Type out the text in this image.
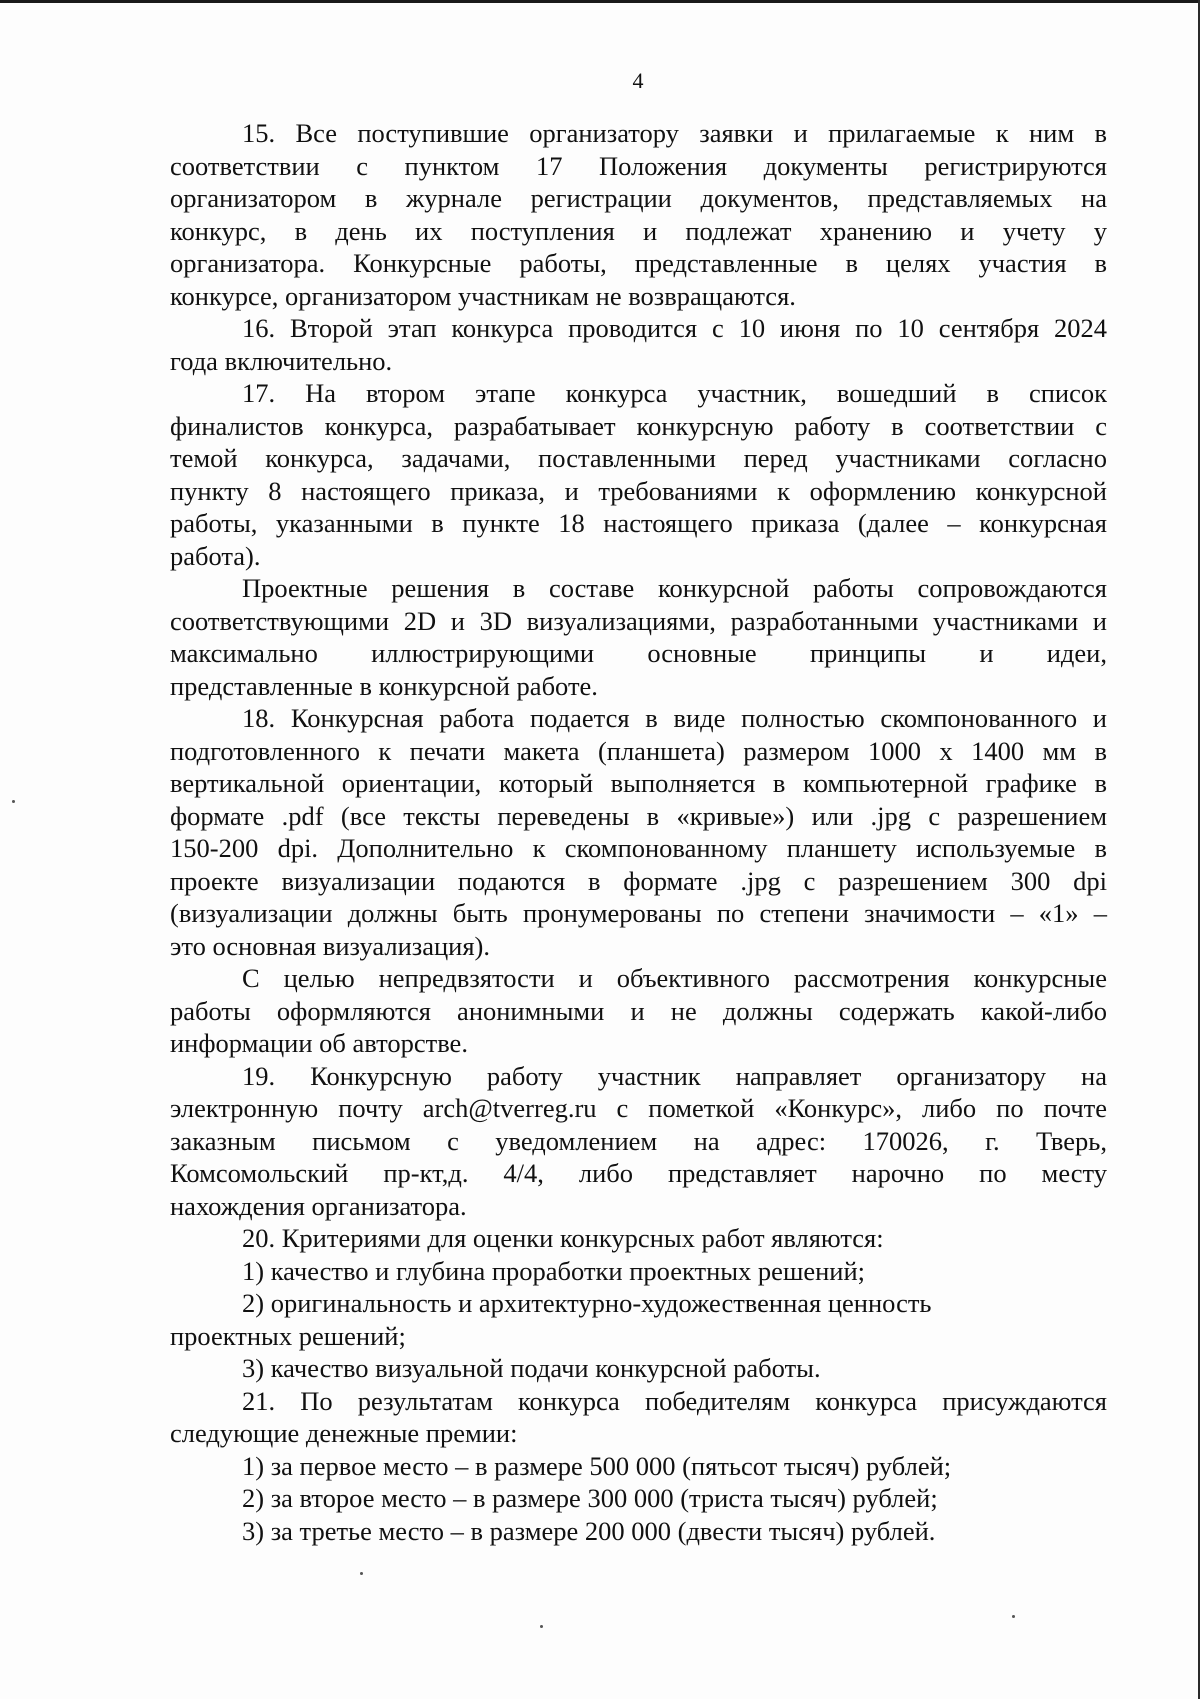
4
15. Все поступившие организатору заявки и прилагаемые к ним в
соответствии с пунктом 17 Положения документы регистрируются
организатором в журнале регистрации документов, представляемых на
конкурс, в день их поступления и подлежат хранению и учету у
организатора. Конкурсные работы, представленные в целях участия в
конкурсе, организатором участникам не возвращаются.
16. Второй этап конкурса проводится с 10 июня по 10 сентября 2024
года включительно.
17. На втором этапе конкурса участник, вошедший в список
финалистов конкурса, разрабатывает конкурсную работу в соответствии с
темой конкурса, задачами, поставленными перед участниками согласно
пункту 8 настоящего приказа, и требованиями к оформлению конкурсной
работы, указанными в пункте 18 настоящего приказа (далее – конкурсная
работа).
Проектные решения в составе конкурсной работы сопровождаются
соответствующими 2D и 3D визуализациями, разработанными участниками и
максимально иллюстрирующими основные принципы и идеи,
представленные в конкурсной работе.
18. Конкурсная работа подается в виде полностью скомпонованного и
подготовленного к печати макета (планшета) размером 1000 х 1400 мм в
вертикальной ориентации, который выполняется в компьютерной графике в
формате .pdf (все тексты переведены в «кривые») или .jpg с разрешением
150-200 dpi. Дополнительно к скомпонованному планшету используемые в
проекте визуализации подаются в формате .jpg с разрешением 300 dpi
(визуализации должны быть пронумерованы по степени значимости – «1» –
это основная визуализация).
С целью непредвзятости и объективного рассмотрения конкурсные
работы оформляются анонимными и не должны содержать какой-либо
информации об авторстве.
19. Конкурсную работу участник направляет организатору на
электронную почту arch@tverreg.ru с пометкой «Конкурс», либо по почте
заказным письмом с уведомлением на адрес: 170026, г. Тверь,
Комсомольский пр-кт,д. 4/4, либо представляет нарочно по месту
нахождения организатора.
20. Критериями для оценки конкурсных работ являются:
1) качество и глубина проработки проектных решений;
2) оригинальность и архитектурно-художественная ценность
проектных решений;
3) качество визуальной подачи конкурсной работы.
21. По результатам конкурса победителям конкурса присуждаются
следующие денежные премии:
1) за первое место – в размере 500 000 (пятьсот тысяч) рублей;
2) за второе место – в размере 300 000 (триста тысяч) рублей;
3) за третье место – в размере 200 000 (двести тысяч) рублей.
